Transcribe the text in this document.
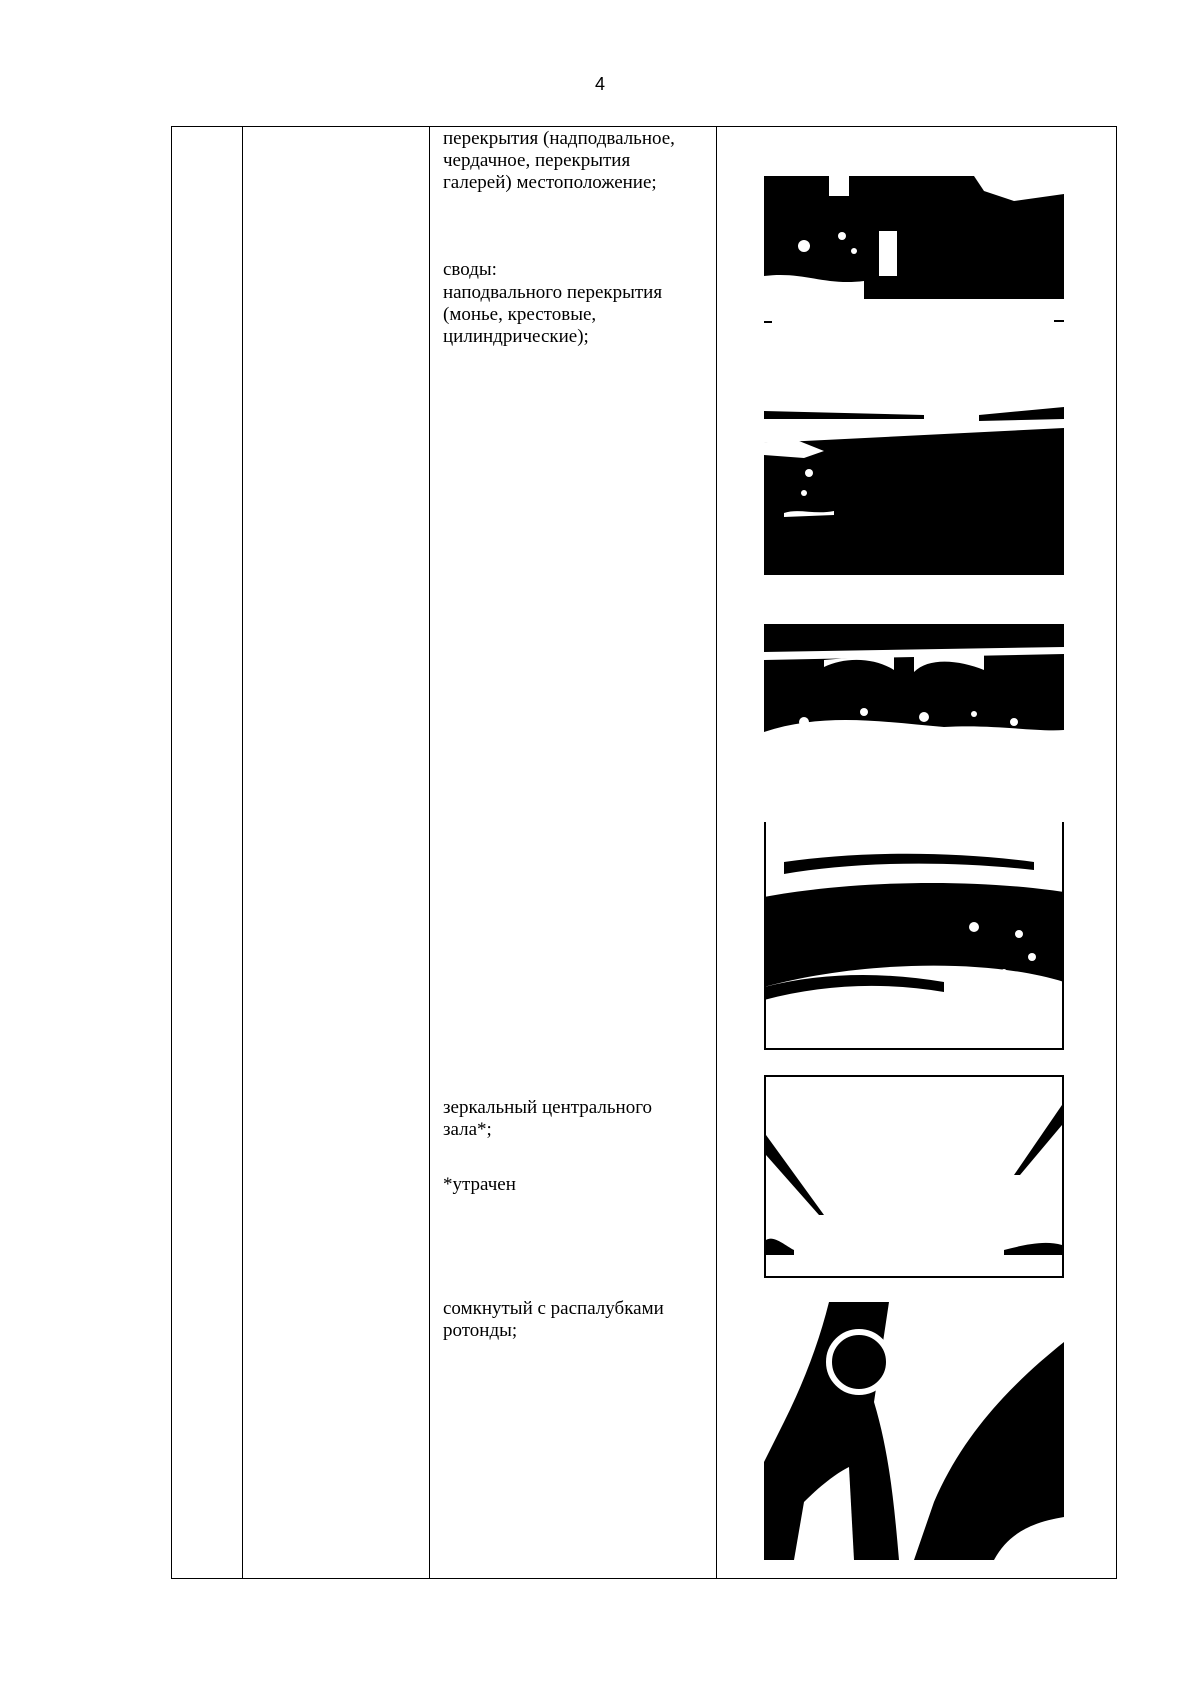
4
перекрытия (надподвальное,
чердачное, перекрытия
галерей) местоположение;
своды:
наподвального перекрытия
(монье, крестовые,
цилиндрические);
зеркальный центрального
зала*;
*утрачен
сомкнутый с распалубками
ротонды;
